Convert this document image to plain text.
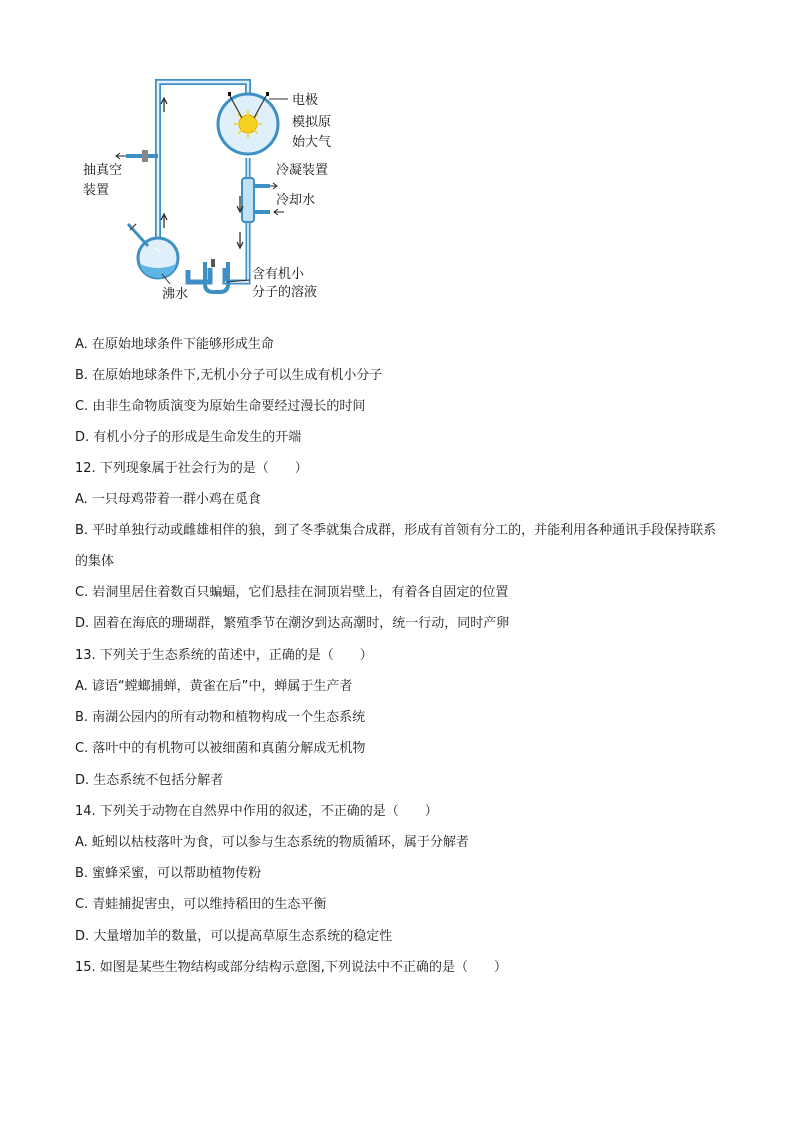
电极
模拟原
始大气
冷凝装置
冷却水
抽真空
装置
沸水
含有机小
分子的溶液
A. 在原始地球条件下能够形成生命
B. 在原始地球条件下,无机小分子可以生成有机小分子
C. 由非生命物质演变为原始生命要经过漫长的时间
D. 有机小分子的形成是生命发生的开端
12. 下列现象属于社会行为的是（　　）
A. 一只母鸡带着一群小鸡在觅食
B. 平时单独行动或雌雄相伴的狼，到了冬季就集合成群，形成有首领有分工的，并能利用各种通讯手段保持联系的集体
C. 岩洞里居住着数百只蝙蝠，它们悬挂在洞顶岩壁上，有着各自固定的位置
D. 固着在海底的珊瑚群，繁殖季节在潮汐到达高潮时，统一行动，同时产卵
13. 下列关于生态系统的苗述中，正确的是（　　）
A. 谚语“螳螂捕蝉，黄雀在后”中，蝉属于生产者
B. 南湖公园内的所有动物和植物构成一个生态系统
C. 落叶中的有机物可以被细菌和真菌分解成无机物
D. 生态系统不包括分解者
14. 下列关于动物在自然界中作用的叙述，不正确的是（　　）
A. 蚯蚓以枯枝落叶为食，可以参与生态系统的物质循环，属于分解者
B. 蜜蜂采蜜，可以帮助植物传粉
C. 青蛙捕捉害虫，可以维持稻田的生态平衡
D. 大量增加羊的数量，可以提高草原生态系统的稳定性
15. 如图是某些生物结构或部分结构示意图,下列说法中不正确的是（　　）
